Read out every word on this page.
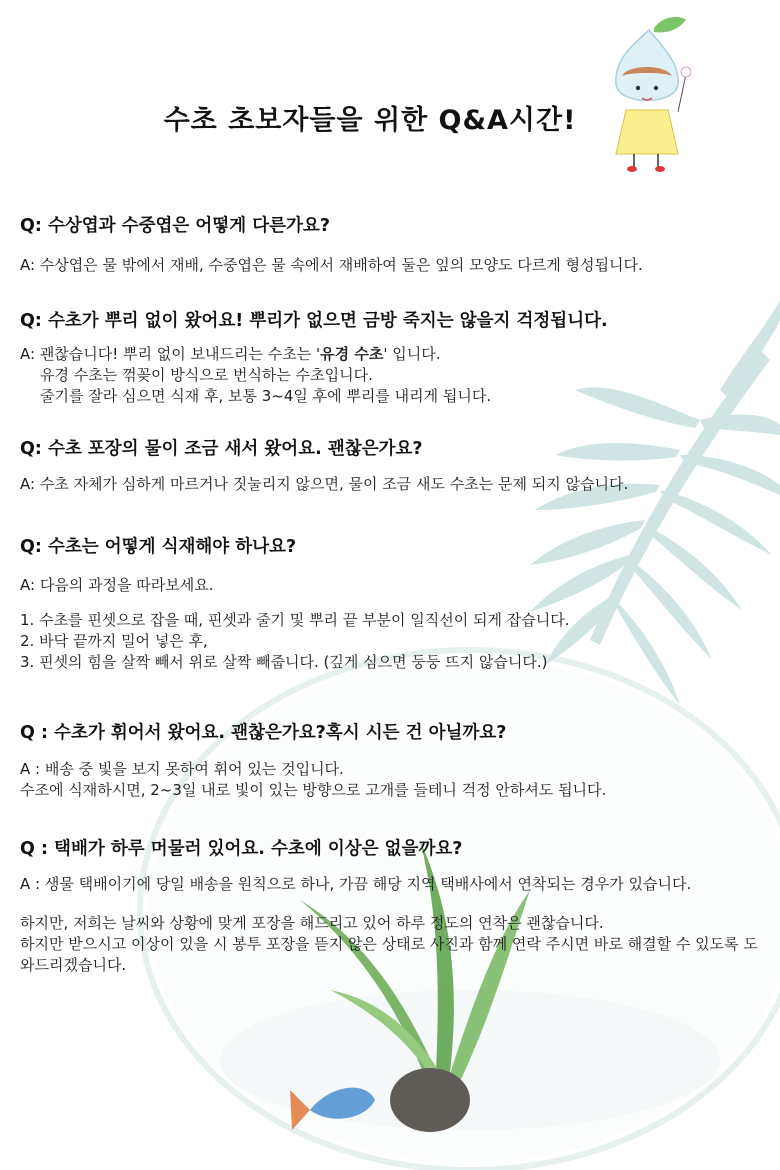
수초 초보자들을 위한 Q&A시간!

Q: 수상엽과 수중엽은 어떻게 다른가요?

A: 수상엽은 물 밖에서 재배, 수중엽은 물 속에서 재배하여 둘은 잎의 모양도 다르게 형성됩니다.

Q: 수초가 뿌리 없이 왔어요! 뿌리가 없으면 금방 죽지는 않을지 걱정됩니다.

A: 괜찮습니다! 뿌리 없이 보내드리는 수초는 '유경 수초' 입니다.
유경 수초는 꺾꽂이 방식으로 번식하는 수초입니다.
줄기를 잘라 심으면 식재 후, 보통 3~4일 후에 뿌리를 내리게 됩니다.

Q: 수초 포장의 물이 조금 새서 왔어요. 괜찮은가요?

A: 수초 자체가 심하게 마르거나 짓눌리지 않으면, 물이 조금 새도 수초는 문제 되지 않습니다.

Q: 수초는 어떻게 식재해야 하나요?

A: 다음의 과정을 따라보세요.

1. 수초를 핀셋으로 잡을 때, 핀셋과 줄기 및 뿌리 끝 부분이 일직선이 되게 잡습니다.
2. 바닥 끝까지 밀어 넣은 후,
3. 핀셋의 힘을 살짝 빼서 위로 살짝 빼줍니다. (깊게 심으면 둥둥 뜨지 않습니다.)

Q : 수초가 휘어서 왔어요. 괜찮은가요?혹시 시든 건 아닐까요?

A : 배송 중 빛을 보지 못하여 휘어 있는 것입니다.
수조에 식재하시면, 2~3일 내로 빛이 있는 방향으로 고개를 들테니 걱정 안하셔도 됩니다.

Q : 택배가 하루 머물러 있어요. 수초에 이상은 없을까요?

A : 생물 택배이기에 당일 배송을 원칙으로 하나, 가끔 해당 지역 택배사에서 연착되는 경우가 있습니다.

하지만, 저희는 날씨와 상황에 맞게 포장을 해드리고 있어 하루 정도의 연착은 괜찮습니다.

하지만 받으시고 이상이 있을 시 봉투 포장을 뜯지 않은 상태로 사진과 함께 연락 주시면 바로 해결할 수 있도록 도와드리겠습니다.
